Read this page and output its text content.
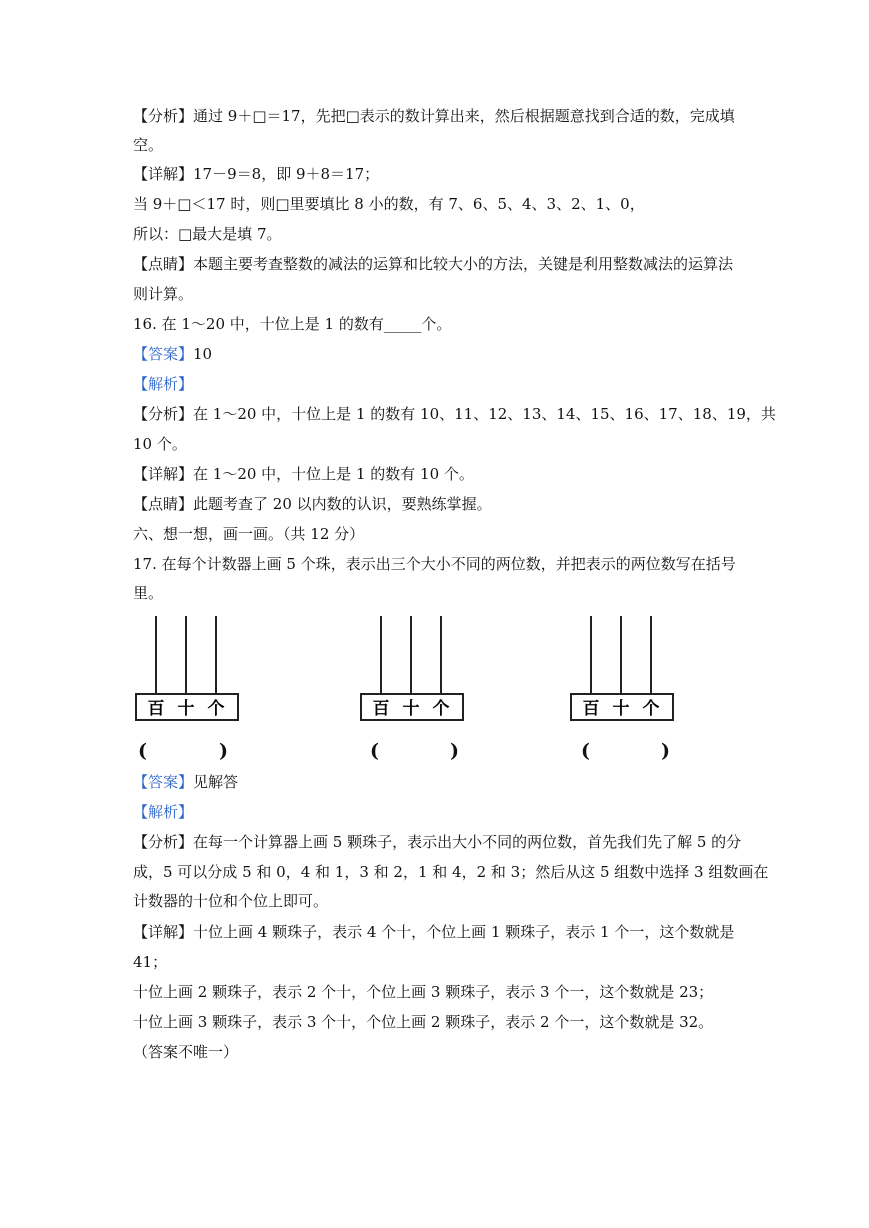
【分析】通过 9＋□＝17，先把□表示的数计算出来，然后根据题意找到合适的数，完成填
空。
【详解】17－9＝8，即 9＋8＝17；
当 9＋□＜17 时，则□里要填比 8 小的数，有 7、6、5、4、3、2、1、0，
所以：□最大是填 7。
【点睛】本题主要考查整数的减法的运算和比较大小的方法，关键是利用整数减法的运算法
则计算。
16. 在 1～20 中，十位上是 1 的数有_____个。
【答案】10
【解析】
【分析】在 1～20 中，十位上是 1 的数有 10、11、12、13、14、15、16、17、18、19，共
10 个。
【详解】在 1～20 中，十位上是 1 的数有 10 个。
【点睛】此题考查了 20 以内数的认识，要熟练掌握。
六、想一想，画一画。（共 12 分）
17. 在每个计数器上画 5 个珠，表示出三个大小不同的两位数，并把表示的两位数写在括号
里。
百 十 个
(	)
百 十 个
(	)
百 十 个
(	)
【答案】见解答
【解析】
【分析】在每一个计算器上画 5 颗珠子，表示出大小不同的两位数，首先我们先了解 5 的分
成，5 可以分成 5 和 0，4 和 1，3 和 2，1 和 4，2 和 3；然后从这 5 组数中选择 3 组数画在
计数器的十位和个位上即可。
【详解】十位上画 4 颗珠子，表示 4 个十，个位上画 1 颗珠子，表示 1 个一，这个数就是
41；
十位上画 2 颗珠子，表示 2 个十，个位上画 3 颗珠子，表示 3 个一，这个数就是 23；
十位上画 3 颗珠子，表示 3 个十，个位上画 2 颗珠子，表示 2 个一，这个数就是 32。
（答案不唯一）
